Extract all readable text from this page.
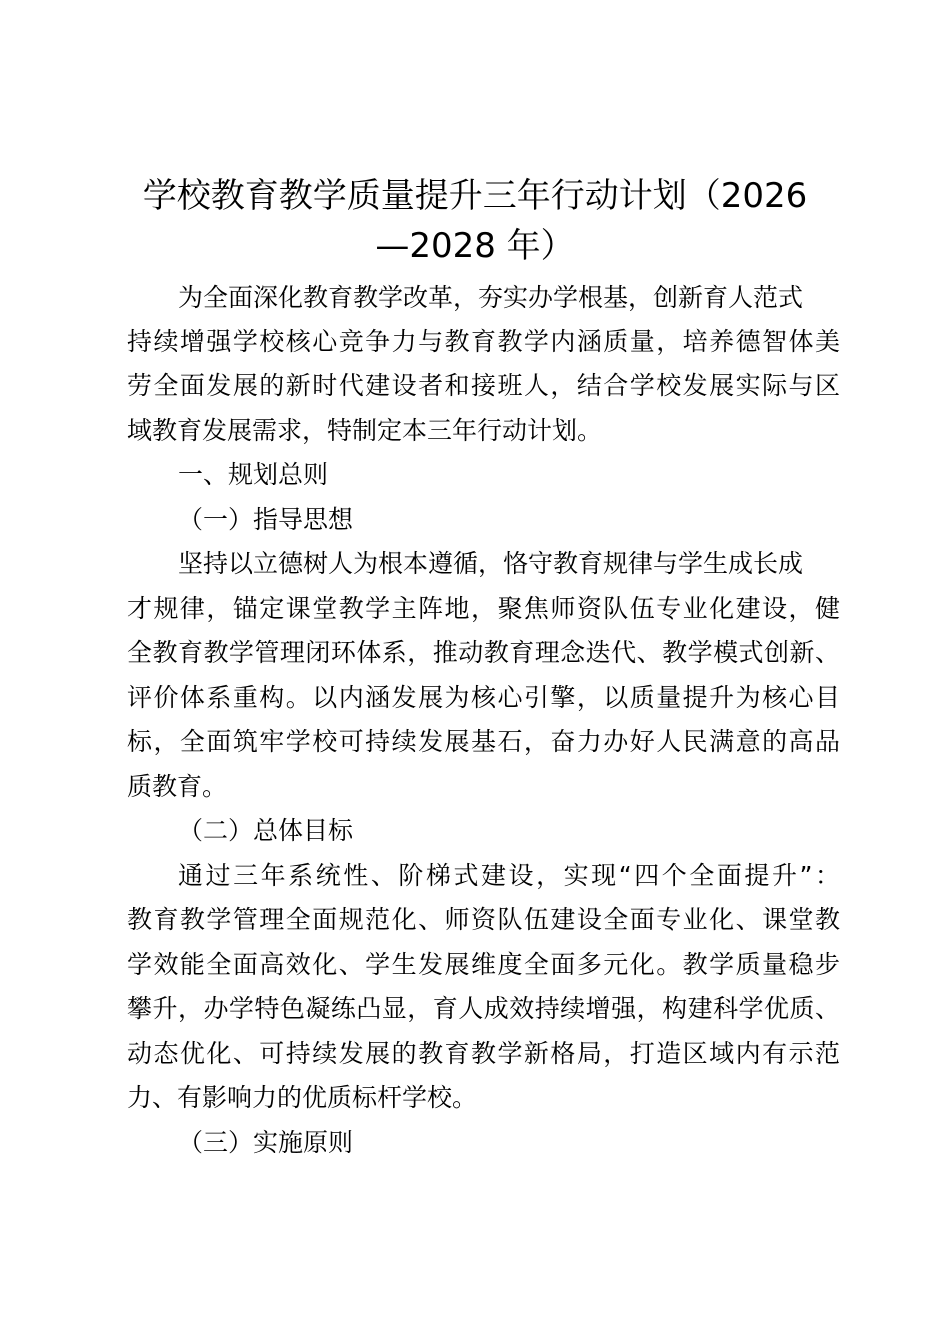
学校教育教学质量提升三年行动计划（2026
—2028 年）

为全面深化教育教学改革，夯实办学根基，创新育人范式

持续增强学校核心竞争力与教育教学内涵质量，培养德智体美

劳全面发展的新时代建设者和接班人，结合学校发展实际与区

域教育发展需求，特制定本三年行动计划。

一、规划总则

（一）指导思想

坚持以立德树人为根本遵循，恪守教育规律与学生成长成

才规律，锚定课堂教学主阵地，聚焦师资队伍专业化建设，健

全教育教学管理闭环体系，推动教育理念迭代、教学模式创新、

评价体系重构。以内涵发展为核心引擎，以质量提升为核心目

标，全面筑牢学校可持续发展基石，奋力办好人民满意的高品

质教育。

（二）总体目标

通过三年系统性、阶梯式建设，实现“四个全面提升”：

教育教学管理全面规范化、师资队伍建设全面专业化、课堂教

学效能全面高效化、学生发展维度全面多元化。教学质量稳步

攀升，办学特色凝练凸显，育人成效持续增强，构建科学优质、

动态优化、可持续发展的教育教学新格局，打造区域内有示范

力、有影响力的优质标杆学校。

（三）实施原则
